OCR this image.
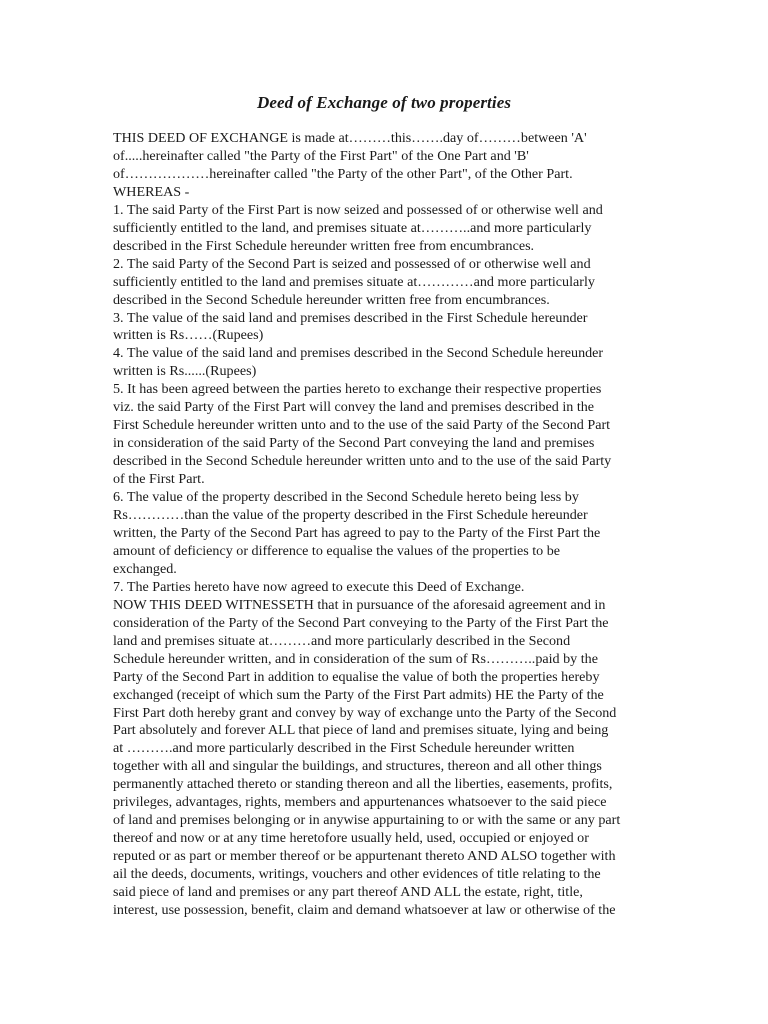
Deed of Exchange of two properties
THIS DEED OF EXCHANGE is made at………this…….day of………between 'A'
of.....hereinafter called "the Party of the First Part" of the One Part and 'B'
of………………hereinafter called "the Party of the other Part", of the Other Part.
WHEREAS -
1. The said Party of the First Part is now seized and possessed of or otherwise well and
sufficiently entitled to the land, and premises situate at………..and more particularly
described in the First Schedule hereunder written free from encumbrances.
2. The said Party of the Second Part is seized and possessed of or otherwise well and
sufficiently entitled to the land and premises situate at…………and more particularly
described in the Second Schedule hereunder written free from encumbrances.
3. The value of the said land and premises described in the First Schedule hereunder
written is Rs……(Rupees)
4. The value of the said land and premises described in the Second Schedule hereunder
written is Rs......(Rupees)
5. It has been agreed between the parties hereto to exchange their respective properties
viz. the said Party of the First Part will convey the land and premises described in the
First Schedule hereunder written unto and to the use of the said Party of the Second Part
in consideration of the said Party of the Second Part conveying the land and premises
described in the Second Schedule hereunder written unto and to the use of the said Party
of the First Part.
6. The value of the property described in the Second Schedule hereto being less by
Rs…………than the value of the property described in the First Schedule hereunder
written, the Party of the Second Part has agreed to pay to the Party of the First Part the
amount of deficiency or difference to equalise the values of the properties to be
exchanged.
7. The Parties hereto have now agreed to execute this Deed of Exchange.
NOW THIS DEED WITNESSETH that in pursuance of the aforesaid agreement and in
consideration of the Party of the Second Part conveying to the Party of the First Part the
land and premises situate at………and more particularly described in the Second
Schedule hereunder written, and in consideration of the sum of Rs………..paid by the
Party of the Second Part in addition to equalise the value of both the properties hereby
exchanged (receipt of which sum the Party of the First Part admits) HE the Party of the
First Part doth hereby grant and convey by way of exchange unto the Party of the Second
Part absolutely and forever ALL that piece of land and premises situate, lying and being
at ……….and more particularly described in the First Schedule hereunder written
together with all and singular the buildings, and structures, thereon and all other things
permanently attached thereto or standing thereon and all the liberties, easements, profits,
privileges, advantages, rights, members and appurtenances whatsoever to the said piece
of land and premises belonging or in anywise appurtaining to or with the same or any part
thereof and now or at any time heretofore usually held, used, occupied or enjoyed or
reputed or as part or member thereof or be appurtenant thereto AND ALSO together with
ail the deeds, documents, writings, vouchers and other evidences of title relating to the
said piece of land and premises or any part thereof AND ALL the estate, right, title,
interest, use possession, benefit, claim and demand whatsoever at law or otherwise of the
